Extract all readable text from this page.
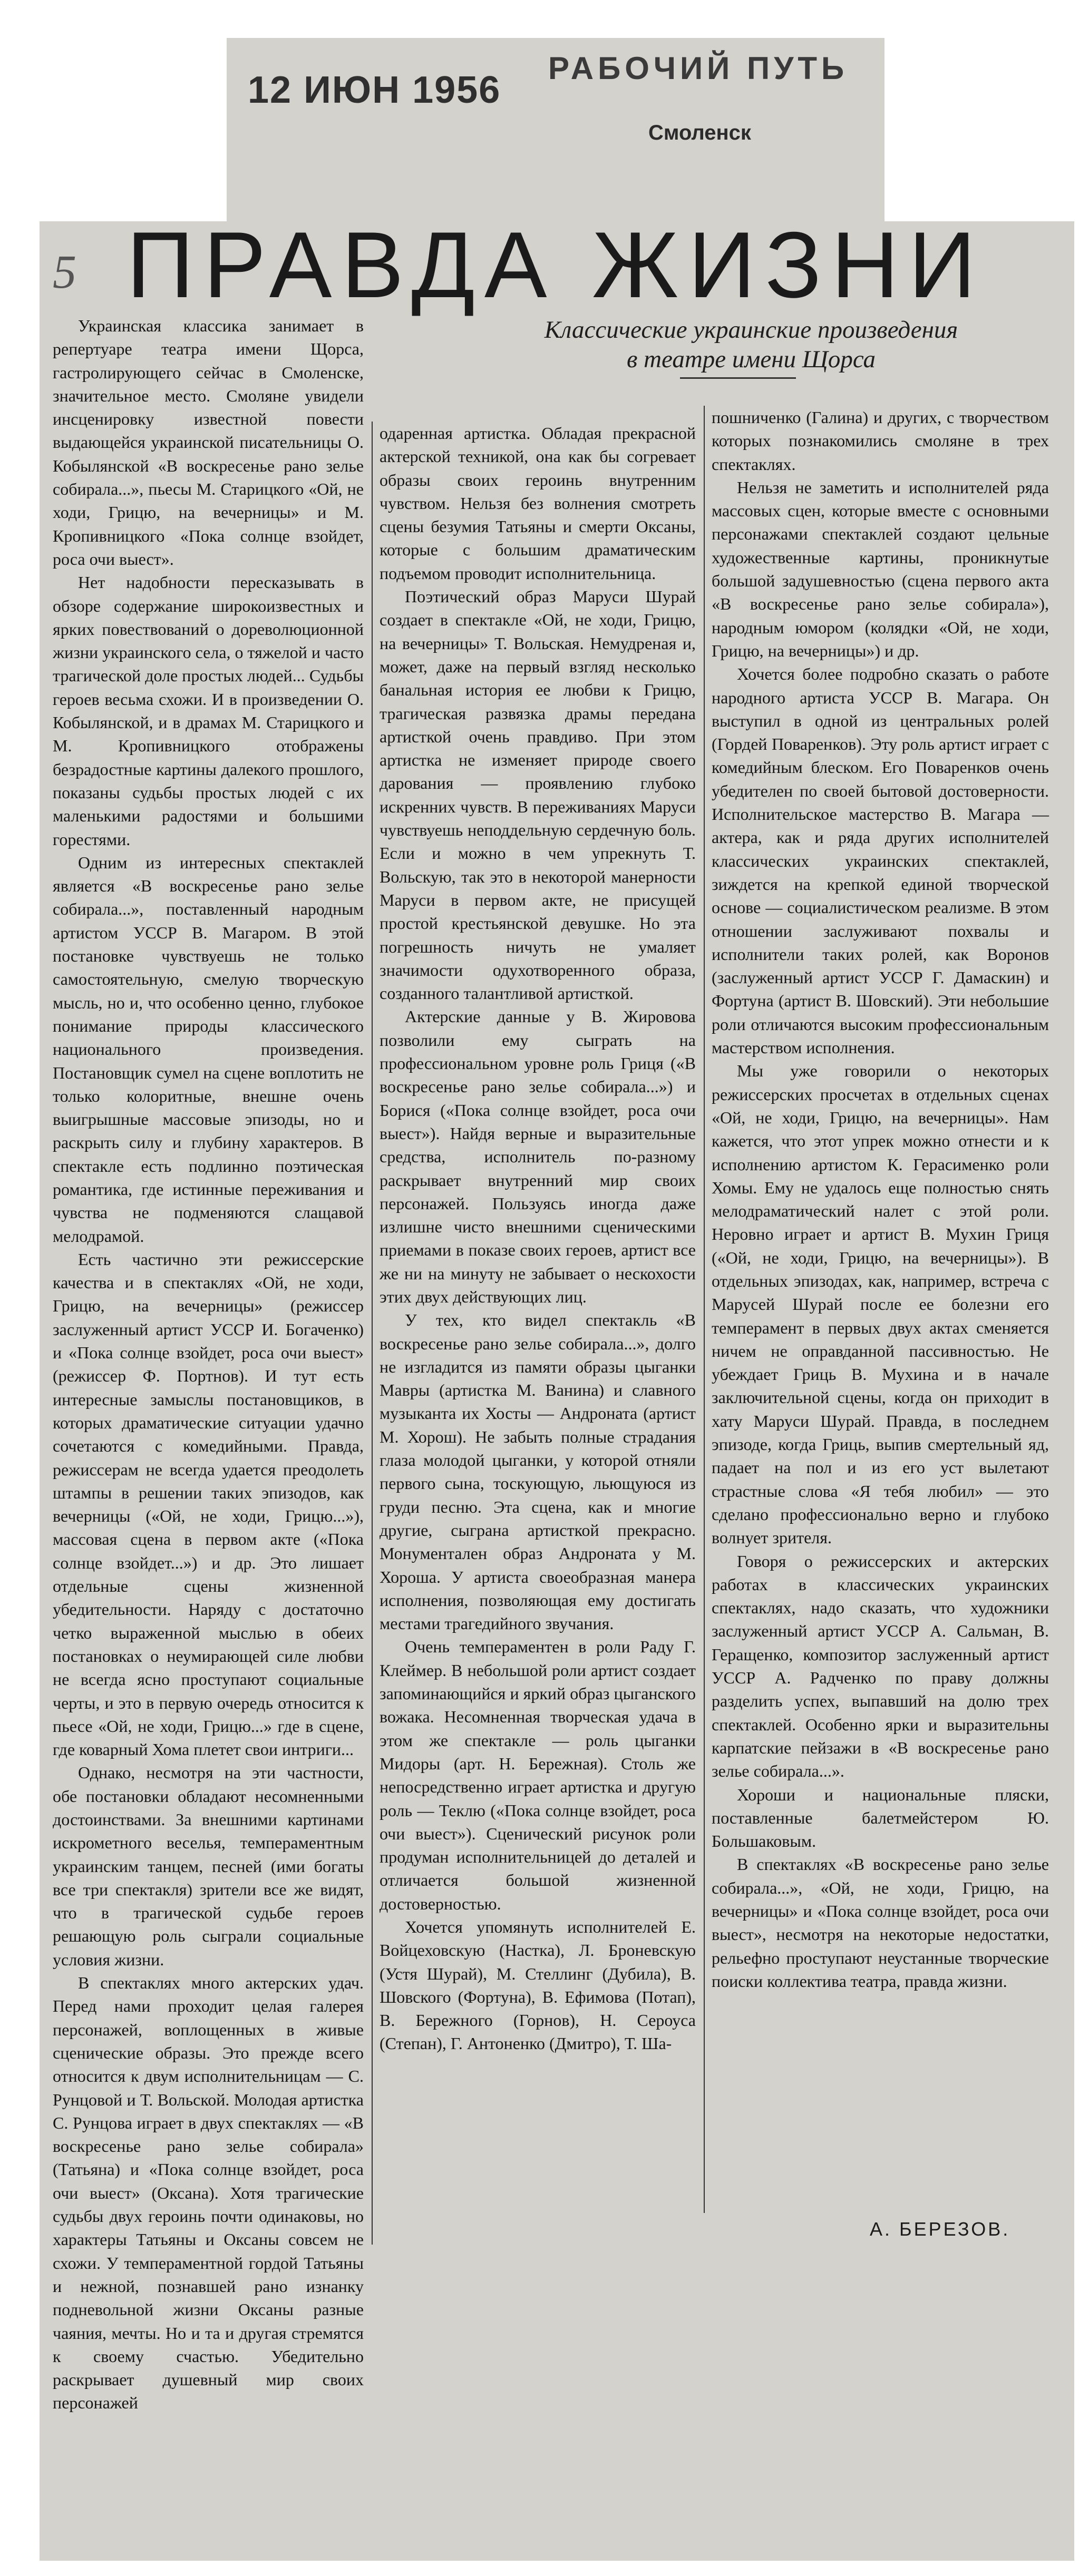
12 ИЮН 1956
РАБОЧИЙ ПУТЬ
Смоленск
5 ПРАВДА ЖИЗНИ
Классические украинские произведения
в театре имени Щорса

Украинская классика занимает в репертуаре театра имени Щорса, гастролирующего сейчас в Смоленске, значительное место. Смоляне увидели инсценировку известной повести выдающейся украинской писательницы О. Кобылянской «В воскресенье рано зелье собирала...», пьесы М. Старицкого «Ой, не ходи, Грицю, на вечерницы» и М. Кропивницкого «Пока солнце взойдет, роса очи выест».

Нет надобности пересказывать в обзоре содержание широкоизвестных и ярких повествований о дореволюционной жизни украинского села, о тяжелой и часто трагической доле простых людей... Судьбы героев весьма схожи. И в произведении О. Кобылянской, и в драмах М. Старицкого и М. Кропивницкого отображены безрадостные картины далекого прошлого, показаны судьбы простых людей с их маленькими радостями и большими горестями.

Одним из интересных спектаклей является «В воскресенье рано зелье собирала...», поставленный народным артистом УССР В. Магаром. В этой постановке чувствуешь не только самостоятельную, смелую творческую мысль, но и, что особенно ценно, глубокое понимание природы классического национального произведения. Постановщик сумел на сцене воплотить не только колоритные, внешне очень выигрышные массовые эпизоды, но и раскрыть силу и глубину характеров. В спектакле есть подлинно поэтическая романтика, где истинные переживания и чувства не подменяются слащавой мелодрамой.

Есть частично эти режиссерские качества и в спектаклях «Ой, не ходи, Грицю, на вечерницы» (режиссер заслуженный артист УССР И. Богаченко) и «Пока солнце взойдет, роса очи выест» (режиссер Ф. Портнов). И тут есть интересные замыслы постановщиков, в которых драматические ситуации удачно сочетаются с комедийными. Правда, режиссерам не всегда удается преодолеть штампы в решении таких эпизодов, как вечерницы («Ой, не ходи, Грицю...»), массовая сцена в первом акте («Пока солнце взойдет...») и др. Это лишает отдельные сцены жизненной убедительности. Наряду с достаточно четко выраженной мыслью в обеих постановках о неумирающей силе любви не всегда ясно проступают социальные черты, и это в первую очередь относится к пьесе «Ой, не ходи, Грицю...» где в сцене, где коварный Хома плетет свои интриги...

Однако, несмотря на эти частности, обе постановки обладают несомненными достоинствами. За внешними картинами искрометного веселья, темпераментным украинским танцем, песней (ими богаты все три спектакля) зрители все же видят, что в трагической судьбе героев решающую роль сыграли социальные условия жизни.

В спектаклях много актерских удач. Перед нами проходит целая галерея персонажей, воплощенных в живые сценические образы. Это прежде всего относится к двум исполнительницам — С. Рунцовой и Т. Вольской. Молодая артистка С. Рунцова играет в двух спектаклях — «В воскресенье рано зелье собирала» (Татьяна) и «Пока солнце взойдет, роса очи выест» (Оксана). Хотя трагические судьбы двух героинь почти одинаковы, но характеры Татьяны и Оксаны совсем не схожи. У темпераментной гордой Татьяны и нежной, познавшей рано изнанку подневольной жизни Оксаны разные чаяния, мечты. Но и та и другая стремятся к своему счастью. Убедительно раскрывает душевный мир своих персонажей

одаренная артистка. Обладая прекрасной актерской техникой, она как бы согревает образы своих героинь внутренним чувством. Нельзя без волнения смотреть сцены безумия Татьяны и смерти Оксаны, которые с большим драматическим подъемом проводит исполнительница.

Поэтический образ Маруси Шурай создает в спектакле «Ой, не ходи, Грицю, на вечерницы» Т. Вольская. Немудреная и, может, даже на первый взгляд несколько банальная история ее любви к Грицю, трагическая развязка драмы передана артисткой очень правдиво. При этом артистка не изменяет природе своего дарования — проявлению глубоко искренних чувств. В переживаниях Маруси чувствуешь неподдельную сердечную боль. Если и можно в чем упрекнуть Т. Вольскую, так это в некоторой манерности Маруси в первом акте, не присущей простой крестьянской девушке. Но эта погрешность ничуть не умаляет значимости одухотворенного образа, созданного талантливой артисткой.

Актерские данные у В. Жировова позволили ему сыграть на профессиональном уровне роль Гриця («В воскресенье рано зелье собирала...») и Борися («Пока солнце взойдет, роса очи выест»). Найдя верные и выразительные средства, исполнитель по-разному раскрывает внутренний мир своих персонажей. Пользуясь иногда даже излишне чисто внешними сценическими приемами в показе своих героев, артист все же ни на минуту не забывает о нескохости этих двух действующих лиц.

У тех, кто видел спектакль «В воскресенье рано зелье собирала...», долго не изгладится из памяти образы цыганки Мавры (артистка М. Ванина) и славного музыканта их Хосты — Андроната (артист М. Хорош). Не забыть полные страдания глаза молодой цыганки, у которой отняли первого сына, тоскующую, льющуюся из груди песню. Эта сцена, как и многие другие, сыграна артисткой прекрасно. Монументален образ Андроната у М. Хороша. У артиста своеобразная манера исполнения, позволяющая ему достигать местами трагедийного звучания.

Очень темпераментен в роли Раду Г. Клеймер. В небольшой роли артист создает запоминающийся и яркий образ цыганского вожака. Несомненная творческая удача в этом же спектакле — роль цыганки Мидоры (арт. Н. Бережная). Столь же непосредственно играет артистка и другую роль — Теклю («Пока солнце взойдет, роса очи выест»). Сценический рисунок роли продуман исполнительницей до деталей и отличается большой жизненной достоверностью.

Хочется упомянуть исполнителей Е. Войцеховскую (Настка), Л. Броневскую (Устя Шурай), М. Стеллинг (Дубила), В. Шовского (Фортуна), В. Ефимова (Потап), В. Бережного (Горнов), Н. Сероуса (Степан), Г. Антоненко (Дмитро), Т. Ша-

пошниченко (Галина) и других, с творчеством которых познакомились смоляне в трех спектаклях.

Нельзя не заметить и исполнителей ряда массовых сцен, которые вместе с основными персонажами спектаклей создают цельные художественные картины, проникнутые большой задушевностью (сцена первого акта «В воскресенье рано зелье собирала»), народным юмором (колядки «Ой, не ходи, Грицю, на вечерницы») и др.

Хочется более подробно сказать о работе народного артиста УССР В. Магара. Он выступил в одной из центральных ролей (Гордей Поваренков). Эту роль артист играет с комедийным блеском. Его Поваренков очень убедителен по своей бытовой достоверности. Исполнительское мастерство В. Магара — актера, как и ряда других исполнителей классических украинских спектаклей, зиждется на крепкой единой творческой основе — социалистическом реализме. В этом отношении заслуживают похвалы и исполнители таких ролей, как Воронов (заслуженный артист УССР Г. Дамаскин) и Фортуна (артист В. Шовский). Эти небольшие роли отличаются высоким профессиональным мастерством исполнения.

Мы уже говорили о некоторых режиссерских просчетах в отдельных сценах «Ой, не ходи, Грицю, на вечерницы». Нам кажется, что этот упрек можно отнести и к исполнению артистом К. Герасименко роли Хомы. Ему не удалось еще полностью снять мелодраматический налет с этой роли. Неровно играет и артист В. Мухин Гриця («Ой, не ходи, Грицю, на вечерницы»). В отдельных эпизодах, как, например, встреча с Марусей Шурай после ее болезни его темперамент в первых двух актах сменяется ничем не оправданной пассивностью. Не убеждает Гриць В. Мухина и в начале заключительной сцены, когда он приходит в хату Маруси Шурай. Правда, в последнем эпизоде, когда Гриць, выпив смертельный яд, падает на пол и из его уст вылетают страстные слова «Я тебя любил» — это сделано профессионально верно и глубоко волнует зрителя.

Говоря о режиссерских и актерских работах в классических украинских спектаклях, надо сказать, что художники заслуженный артист УССР А. Сальман, В. Геращенко, композитор заслуженный артист УССР А. Радченко по праву должны разделить успех, выпавший на долю трех спектаклей. Особенно ярки и выразительны карпатские пейзажи в «В воскресенье рано зелье собирала...».

Хороши и национальные пляски, поставленные балетмейстером Ю. Большаковым.

В спектаклях «В воскресенье рано зелье собирала...», «Ой, не ходи, Грицю, на вечерницы» и «Пока солнце взойдет, роса очи выест», несмотря на некоторые недостатки, рельефно проступают неустанные творческие поиски коллектива театра, правда жизни.

А. БЕРЕЗОВ.
